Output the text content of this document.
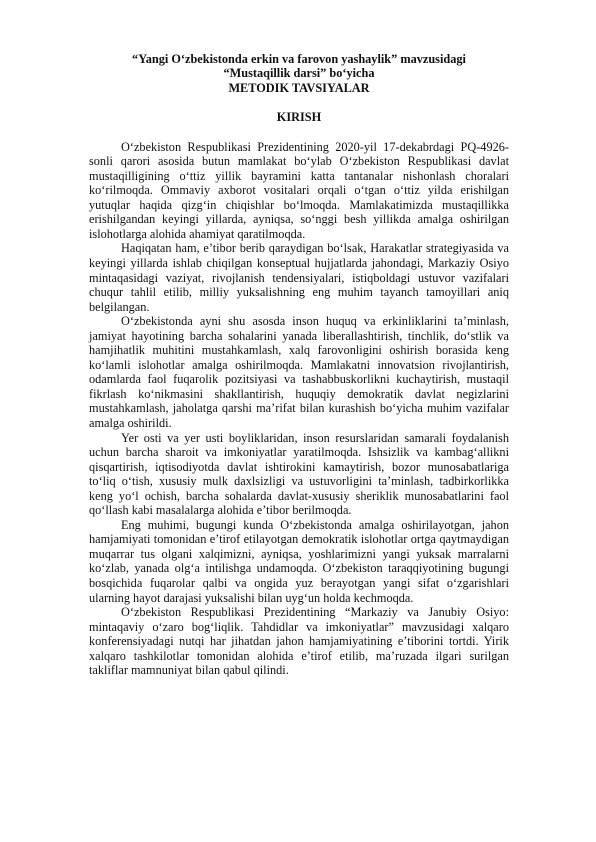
“Yangi O‘zbekistonda erkin va farovon yashaylik” mavzusidagi
“Mustaqillik darsi” bo‘yicha
METODIK TAVSIYALAR
KIRISH

O‘zbekiston Respublikasi Prezidentining 2020-yil 17-dekabrdagi PQ-4926-sonli qarori asosida butun mamlakat bo‘ylab O‘zbekiston Respublikasi davlat mustaqilligining o‘ttiz yillik bayramini katta tantanalar nishonlash choralari ko‘rilmoqda. Ommaviy axborot vositalari orqali o‘tgan o‘ttiz yilda erishilgan yutuqlar haqida qizg‘in chiqishlar bo‘lmoqda. Mamlakatimizda mustaqillikka erishilgandan keyingi yillarda, ayniqsa, so‘nggi besh yillikda amalga oshirilgan islohotlarga alohida ahamiyat qaratilmoqda.

Haqiqatan ham, e’tibor berib qaraydigan bo‘lsak, Harakatlar strategiyasida va keyingi yillarda ishlab chiqilgan konseptual hujjatlarda jahondagi, Markaziy Osiyo mintaqasidagi vaziyat, rivojlanish tendensiyalari, istiqboldagi ustuvor vazifalari chuqur tahlil etilib, milliy yuksalishning eng muhim tayanch tamoyillari aniq belgilangan.

O‘zbekistonda ayni shu asosda inson huquq va erkinliklarini ta’minlash, jamiyat hayotining barcha sohalarini yanada liberallashtirish, tinchlik, do‘stlik va hamjihatlik muhitini mustahkamlash, xalq farovonligini oshirish borasida keng ko‘lamli islohotlar amalga oshirilmoqda. Mamlakatni innovatsion rivojlantirish, odamlarda faol fuqarolik pozitsiyasi va tashabbuskorlikni kuchaytirish, mustaqil fikrlash ko‘nikmasini shakllantirish, huquqiy demokratik davlat negizlarini mustahkamlash, jaholatga qarshi ma’rifat bilan kurashish bo‘yicha muhim vazifalar amalga oshirildi.

Yer osti va yer usti boyliklaridan, inson resurslaridan samarali foydalanish uchun barcha sharoit va imkoniyatlar yaratilmoqda. Ishsizlik va kambag‘allikni qisqartirish, iqtisodiyotda davlat ishtirokini kamaytirish, bozor munosabatlariga to‘liq o‘tish, xususiy mulk daxlsizligi va ustuvorligini ta’minlash, tadbirkorlikka keng yo‘l ochish, barcha sohalarda davlat-xususiy sheriklik munosabatlarini faol qo‘llash kabi masalalarga alohida e’tibor berilmoqda.

Eng muhimi, bugungi kunda O‘zbekistonda amalga oshirilayotgan, jahon hamjamiyati tomonidan e’tirof etilayotgan demokratik islohotlar ortga qaytmaydigan muqarrar tus olgani xalqimizni, ayniqsa, yoshlarimizni yangi yuksak marralarni ko‘zlab, yanada olg‘a intilishga undamoqda. O‘zbekiston taraqqiyotining bugungi bosqichida fuqarolar qalbi va ongida yuz berayotgan yangi sifat o‘zgarishlari ularning hayot darajasi yuksalishi bilan uyg‘un holda kechmoqda.

O‘zbekiston Respublikasi Prezidentining “Markaziy va Janubiy Osiyo: mintaqaviy o‘zaro bog‘liqlik. Tahdidlar va imkoniyatlar” mavzusidagi xalqaro konferensiyadagi nutqi har jihatdan jahon hamjamiyatining e’tiborini tortdi. Yirik xalqaro tashkilotlar tomonidan alohida e’tirof etilib, ma’ruzada ilgari surilgan takliflar mamnuniyat bilan qabul qilindi.
